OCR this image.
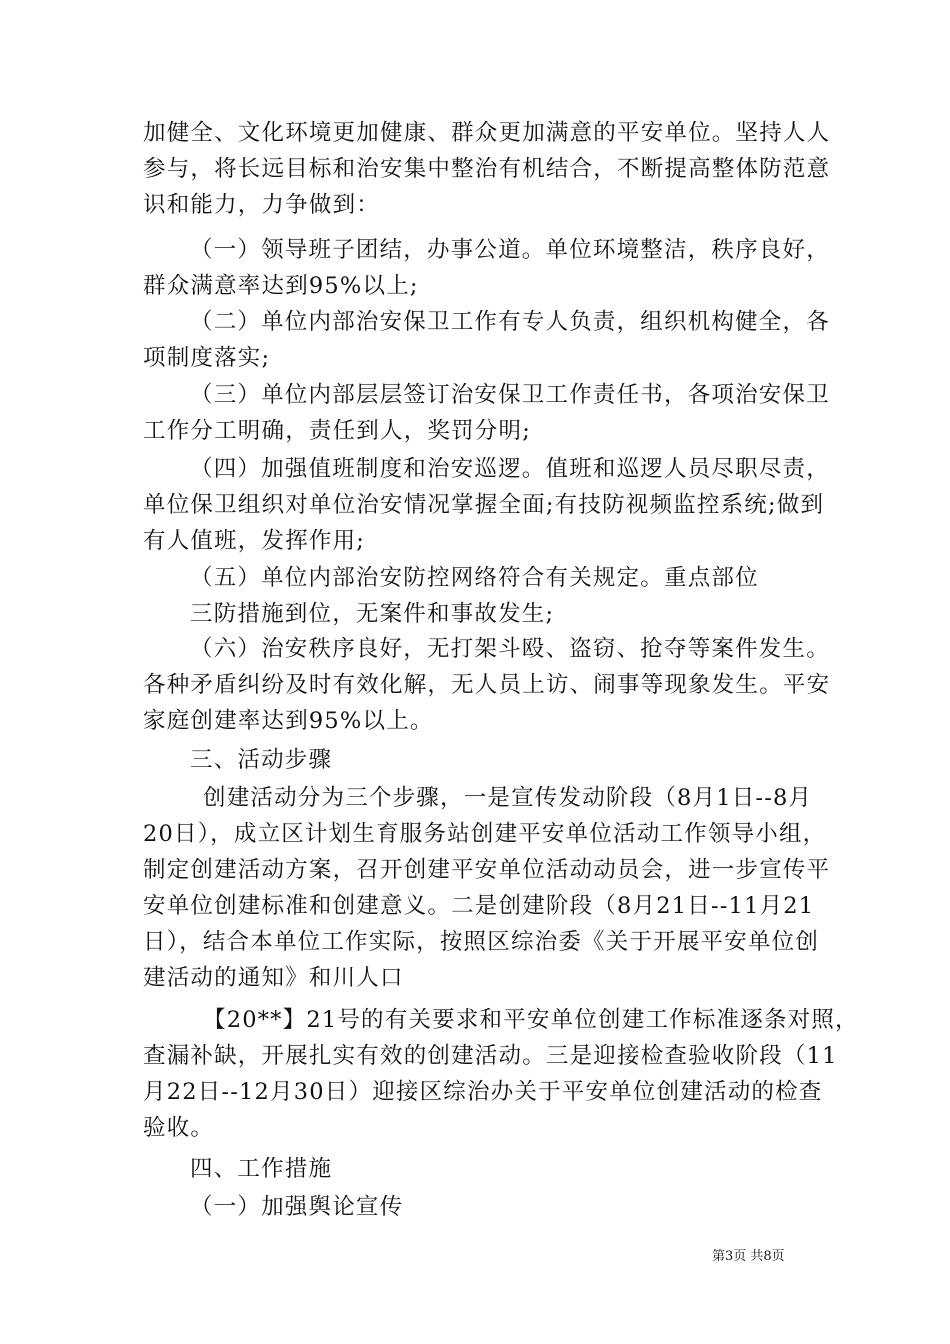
加健全、文化环境更加健康、群众更加满意的平安单位。坚持人人
参与，将长远目标和治安集中整治有机结合，不断提高整体防范意
识和能力，力争做到：
（一）领导班子团结，办事公道。单位环境整洁，秩序良好，
群众满意率达到95%以上;
（二）单位内部治安保卫工作有专人负责，组织机构健全，各
项制度落实;
（三）单位内部层层签订治安保卫工作责任书，各项治安保卫
工作分工明确，责任到人，奖罚分明;
（四）加强值班制度和治安巡逻。值班和巡逻人员尽职尽责，
单位保卫组织对单位治安情况掌握全面;有技防视频监控系统;做到
有人值班，发挥作用;
（五）单位内部治安防控网络符合有关规定。重点部位
三防措施到位，无案件和事故发生;
（六）治安秩序良好，无打架斗殴、盗窃、抢夺等案件发生。
各种矛盾纠纷及时有效化解，无人员上访、闹事等现象发生。平安
家庭创建率达到95%以上。
三、活动步骤
创建活动分为三个步骤，一是宣传发动阶段（8月1日--8月
20日），成立区计划生育服务站创建平安单位活动工作领导小组，
制定创建活动方案，召开创建平安单位活动动员会，进一步宣传平
安单位创建标准和创建意义。二是创建阶段（8月21日--11月21
日），结合本单位工作实际，按照区综治委《关于开展平安单位创
建活动的通知》和川人口
【20**】21号的有关要求和平安单位创建工作标准逐条对照，
查漏补缺，开展扎实有效的创建活动。三是迎接检查验收阶段（11
月22日--12月30日）迎接区综治办关于平安单位创建活动的检查
验收。
四、工作措施
（一）加强舆论宣传
第3页 共8页
